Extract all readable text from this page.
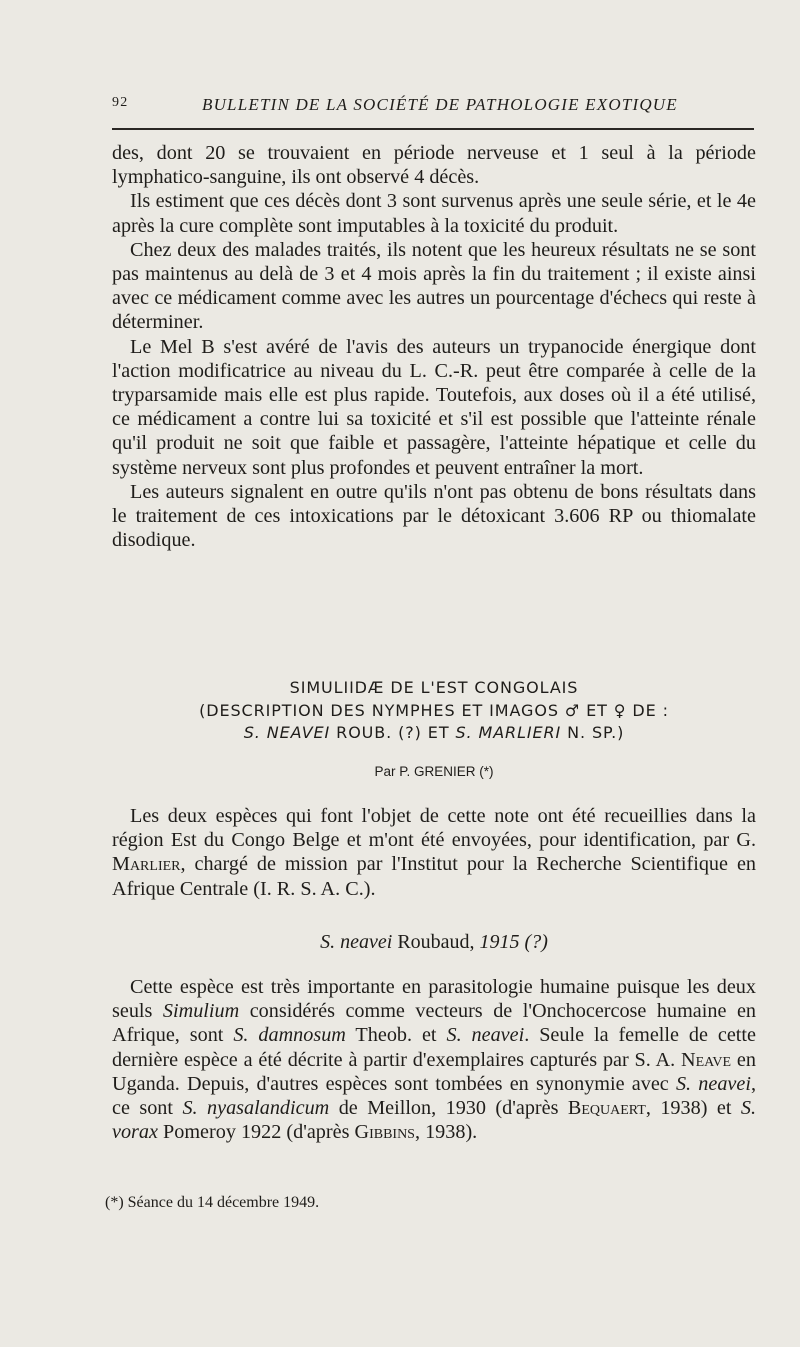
92	BULLETIN DE LA SOCIÉTÉ DE PATHOLOGIE EXOTIQUE

des, dont 20 se trouvaient en période nerveuse et 1 seul à la période lymphatico-sanguine, ils ont observé 4 décès.

Ils estiment que ces décès dont 3 sont survenus après une seule série, et le 4e après la cure complète sont imputables à la toxicité du produit.

Chez deux des malades traités, ils notent que les heureux résultats ne se sont pas maintenus au delà de 3 et 4 mois après la fin du traitement ; il existe ainsi avec ce médicament comme avec les autres un pourcentage d'échecs qui reste à déterminer.

Le Mel B s'est avéré de l'avis des auteurs un trypanocide énergique dont l'action modificatrice au niveau du L. C.-R. peut être comparée à celle de la tryparsamide mais elle est plus rapide. Toutefois, aux doses où il a été utilisé, ce médicament a contre lui sa toxicité et s'il est possible que l'atteinte rénale qu'il produit ne soit que faible et passagère, l'atteinte hépatique et celle du système nerveux sont plus profondes et peuvent entraîner la mort.

Les auteurs signalent en outre qu'ils n'ont pas obtenu de bons résultats dans le traitement de ces intoxications par le détoxicant 3.606 RP ou thiomalate disodique.

SIMULIIDÆ DE L'EST CONGOLAIS
(DESCRIPTION DES NYMPHES ET IMAGOS ♂ ET ♀ DE :
S. NEAVEI ROUB. (?) ET S. MARLIERI N. SP.)
Par P. GRENIER (*)

Les deux espèces qui font l'objet de cette note ont été recueillies dans la région Est du Congo Belge et m'ont été envoyées, pour identification, par G. Marlier, chargé de mission par l'Institut pour la Recherche Scientifique en Afrique Centrale (I. R. S. A. C.).

S. neavei Roubaud, 1915 (?)

Cette espèce est très importante en parasitologie humaine puisque les deux seuls Simulium considérés comme vecteurs de l'Onchocercose humaine en Afrique, sont S. damnosum Theob. et S. neavei. Seule la femelle de cette dernière espèce a été décrite à partir d'exemplaires capturés par S. A. Neave en Uganda. Depuis, d'autres espèces sont tombées en synonymie avec S. neavei, ce sont S. nyasalandicum de Meillon, 1930 (d'après Bequaert, 1938) et S. vorax Pomeroy 1922 (d'après Gibbins, 1938).

(*) Séance du 14 décembre 1949.
